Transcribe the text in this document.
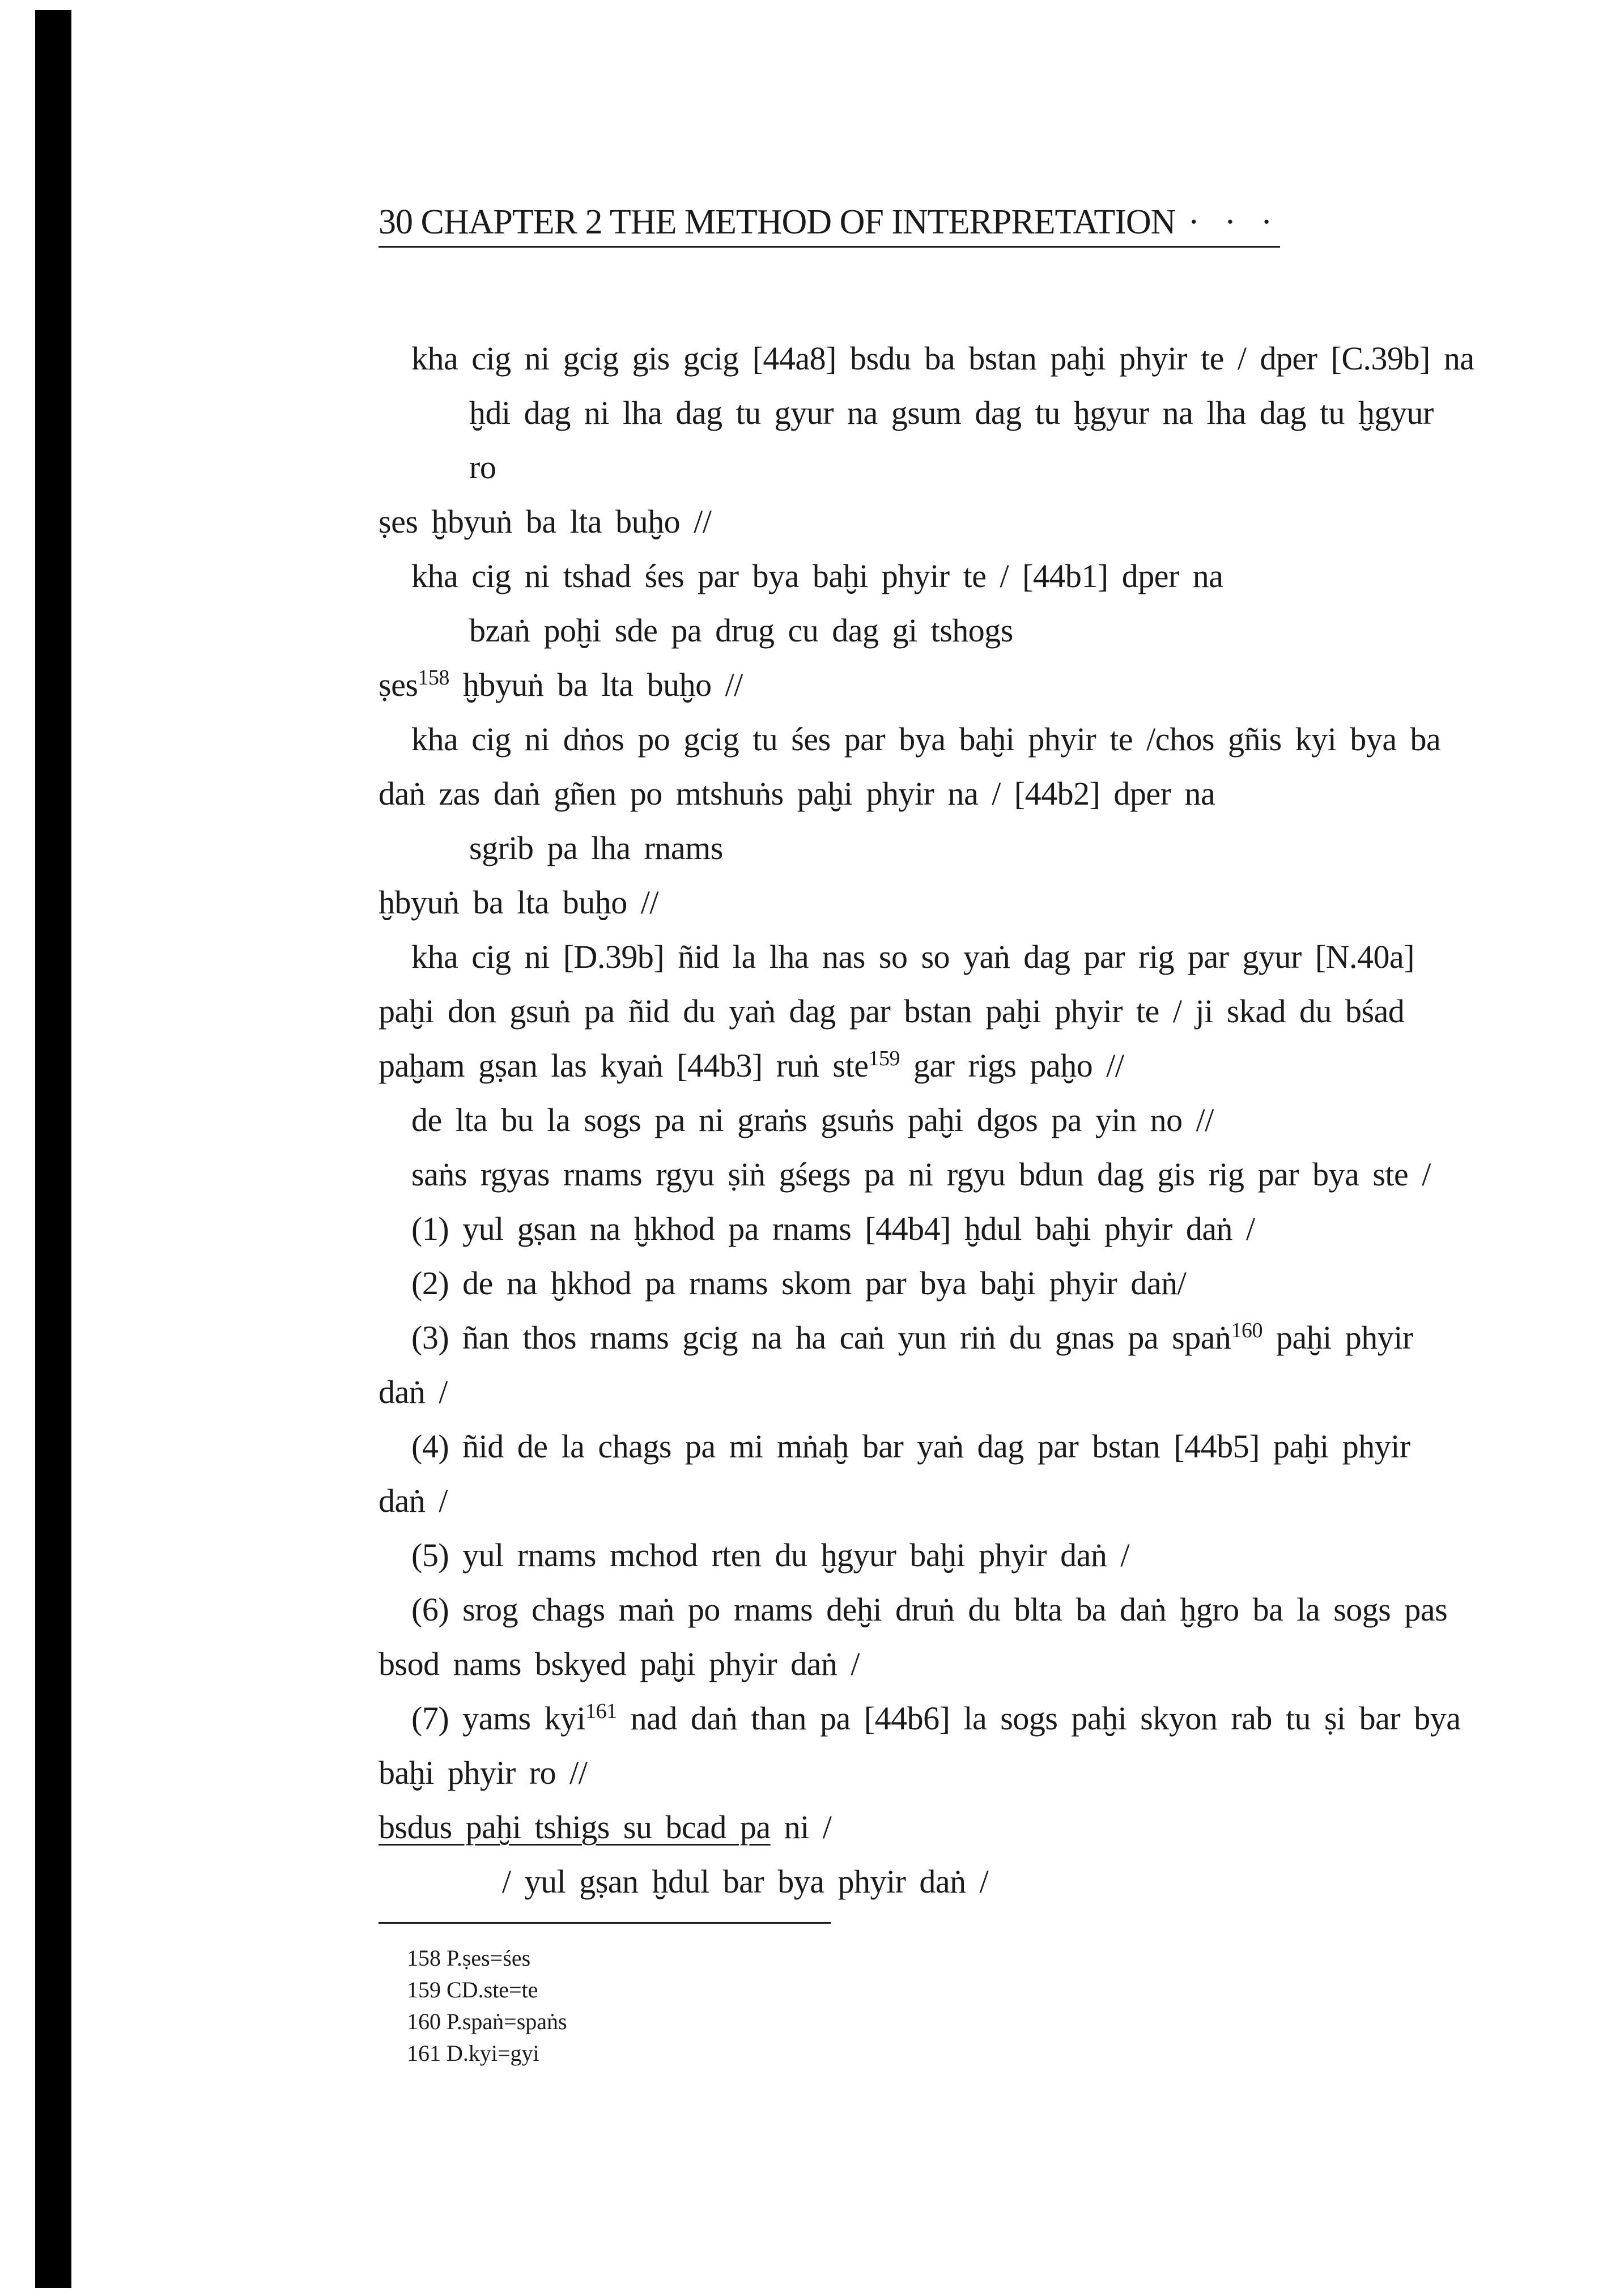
30 CHAPTER 2 THE METHOD OF INTERPRETATION · · ·
kha cig ni gcig gis gcig [44a8] bsdu ba bstan paḫi phyir te / dper [C.39b] na
ḫdi dag ni lha dag tu gyur na gsum dag tu ḫgyur na lha dag tu ḫgyur
ro
ṣes ḫbyuṅ ba lta buḫo //
kha cig ni tshad śes par bya baḫi phyir te / [44b1] dper na
bzaṅ poḫi sde pa drug cu dag gi tshogs
ṣes$^{158}$ ḫbyuṅ ba lta buḫo //
kha cig ni dṅos po gcig tu śes par bya baḫi phyir te /chos gñis kyi bya ba
daṅ zas daṅ gñen po mtshuṅs paḫi phyir na / [44b2] dper na
sgrib pa lha rnams
ḫbyuṅ ba lta buḫo //
kha cig ni [D.39b] ñid la lha nas so so yaṅ dag par rig par gyur [N.40a]
paḫi don gsuṅ pa ñid du yaṅ dag par bstan paḫi phyir te / ji skad du bśad
paḫam gṣan las kyaṅ [44b3] ruṅ ste$^{159}$ gar rigs paḫo //
de lta bu la sogs pa ni graṅs gsuṅs paḫi dgos pa yin no //
saṅs rgyas rnams rgyu ṣiṅ gśegs pa ni rgyu bdun dag gis rig par bya ste /
(1) yul gṣan na ḫkhod pa rnams [44b4] ḫdul baḫi phyir daṅ /
(2) de na ḫkhod pa rnams skom par bya baḫi phyir daṅ/
(3) ñan thos rnams gcig na ha caṅ yun riṅ du gnas pa spaṅ$^{160}$ paḫi phyir
daṅ /
(4) ñid de la chags pa mi mṅaḫ bar yaṅ dag par bstan [44b5] paḫi phyir
daṅ /
(5) yul rnams mchod rten du ḫgyur baḫi phyir daṅ /
(6) srog chags maṅ po rnams deḫi druṅ du blta ba daṅ ḫgro ba la sogs pas
bsod nams bskyed paḫi phyir daṅ /
(7) yams kyi$^{161}$ nad daṅ than pa [44b6] la sogs paḫi skyon rab tu ṣi bar bya
baḫi phyir ro //
bsdus paḫi tshigs su bcad pa ni /
/ yul gṣan ḫdul bar bya phyir daṅ /
158 P.ṣes=śes
159 CD.ste=te
160 P.spaṅ=spaṅs
161 D.kyi=gyi
